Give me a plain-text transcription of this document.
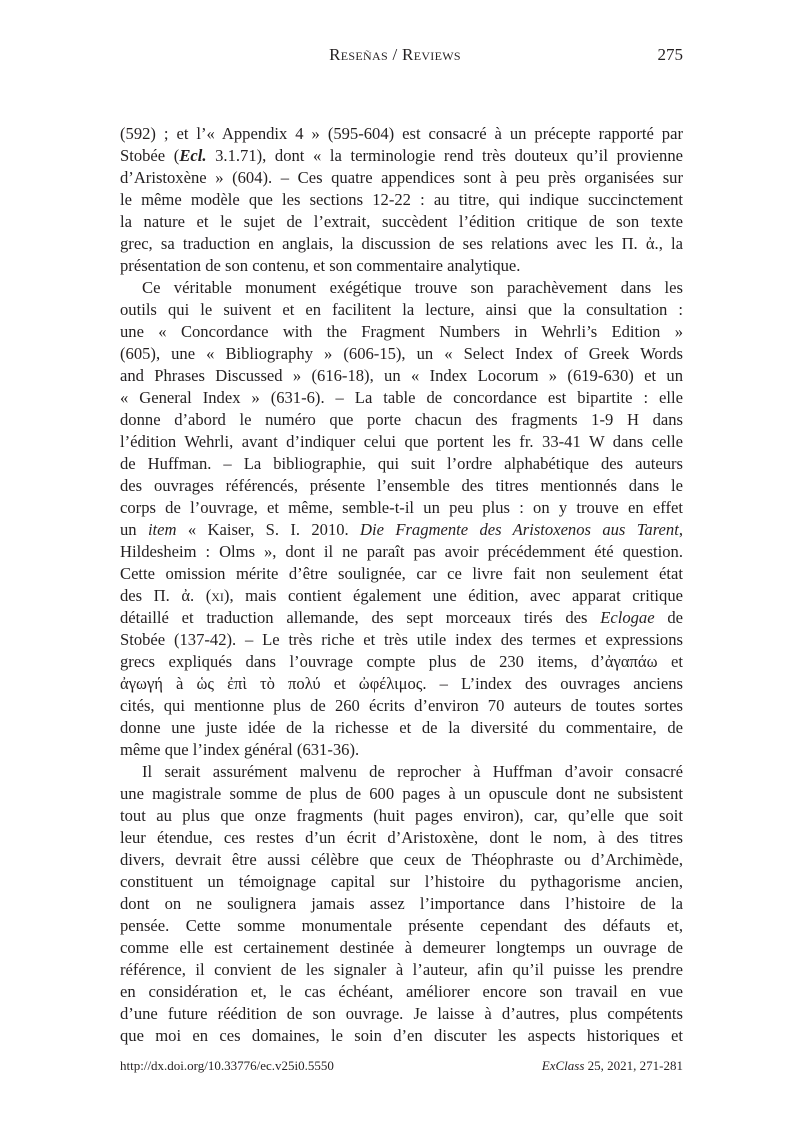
Reseñas / Reviews	275
(592) ; et l’« Appendix 4 » (595-604) est consacré à un précepte rapporté par
Stobée (Ecl. 3.1.71), dont « la terminologie rend très douteux qu’il provienne
d’Aristoxène » (604). – Ces quatre appendices sont à peu près organisées sur
le même modèle que les sections 12-22 : au titre, qui indique succinctement
la nature et le sujet de l’extrait, succèdent l’édition critique de son texte
grec, sa traduction en anglais, la discussion de ses relations avec les Π. ἀ., la
présentation de son contenu, et son commentaire analytique.
Ce véritable monument exégétique trouve son parachèvement dans les
outils qui le suivent et en facilitent la lecture, ainsi que la consultation :
une « Concordance with the Fragment Numbers in Wehrli’s Edition »
(605), une « Bibliography » (606-15), un « Select Index of Greek Words
and Phrases Discussed » (616-18), un « Index Locorum » (619-630) et un
« General Index » (631-6). – La table de concordance est bipartite : elle
donne d’abord le numéro que porte chacun des fragments 1-9 H dans
l’édition Wehrli, avant d’indiquer celui que portent les fr. 33-41 W dans celle
de Huffman. – La bibliographie, qui suit l’ordre alphabétique des auteurs
des ouvrages référencés, présente l’ensemble des titres mentionnés dans le
corps de l’ouvrage, et même, semble-t-il un peu plus : on y trouve en effet
un item « Kaiser, S. I. 2010. Die Fragmente des Aristoxenos aus Tarent,
Hildesheim : Olms », dont il ne paraît pas avoir précédemment été question.
Cette omission mérite d’être soulignée, car ce livre fait non seulement état
des Π. ἀ. (xi), mais contient également une édition, avec apparat critique
détaillé et traduction allemande, des sept morceaux tirés des Eclogae de
Stobée (137-42). – Le très riche et très utile index des termes et expressions
grecs expliqués dans l’ouvrage compte plus de 230 items, d’ἀγαπάω et
ἀγωγή à ὡς ἐπὶ τὸ πολύ et ὠφέλιμος. – L’index des ouvrages anciens
cités, qui mentionne plus de 260 écrits d’environ 70 auteurs de toutes sortes
donne une juste idée de la richesse et de la diversité du commentaire, de
même que l’index général (631-36).
Il serait assurément malvenu de reprocher à Huffman d’avoir consacré
une magistrale somme de plus de 600 pages à un opuscule dont ne subsistent
tout au plus que onze fragments (huit pages environ), car, qu’elle que soit
leur étendue, ces restes d’un écrit d’Aristoxène, dont le nom, à des titres
divers, devrait être aussi célèbre que ceux de Théophraste ou d’Archimède,
constituent un témoignage capital sur l’histoire du pythagorisme ancien,
dont on ne soulignera jamais assez l’importance dans l’histoire de la
pensée. Cette somme monumentale présente cependant des défauts et,
comme elle est certainement destinée à demeurer longtemps un ouvrage de
référence, il convient de les signaler à l’auteur, afin qu’il puisse les prendre
en considération et, le cas échéant, améliorer encore son travail en vue
d’une future réédition de son ouvrage. Je laisse à d’autres, plus compétents
que moi en ces domaines, le soin d’en discuter les aspects historiques et
http://dx.doi.org/10.33776/ec.v25i0.5550	ExClass 25, 2021, 271-281
